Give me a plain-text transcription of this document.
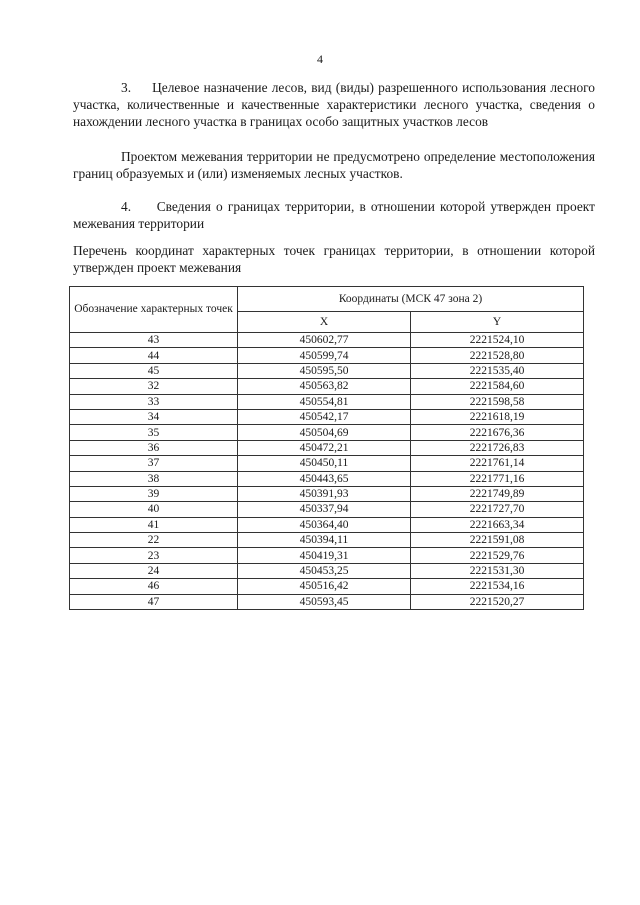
4
3. Целевое назначение лесов, вид (виды) разрешенного использования лесного участка, количественные и качественные характеристики лесного участка, сведения о нахождении лесного участка в границах особо защитных участков лесов
Проектом межевания территории не предусмотрено определение местоположения границ образуемых и (или) изменяемых лесных участков.
4. Сведения о границах территории, в отношении которой утвержден проект межевания территории
Перечень координат характерных точек границах территории, в отношении которой утвержден проект межевания
Обозначение характерных точек	Координаты (МСК 47 зона 2)	
	X	Y
43	450602,77	2221524,10
44	450599,74	2221528,80
45	450595,50	2221535,40
32	450563,82	2221584,60
33	450554,81	2221598,58
34	450542,17	2221618,19
35	450504,69	2221676,36
36	450472,21	2221726,83
37	450450,11	2221761,14
38	450443,65	2221771,16
39	450391,93	2221749,89
40	450337,94	2221727,70
41	450364,40	2221663,34
22	450394,11	2221591,08
23	450419,31	2221529,76
24	450453,25	2221531,30
46	450516,42	2221534,16
47	450593,45	2221520,27
